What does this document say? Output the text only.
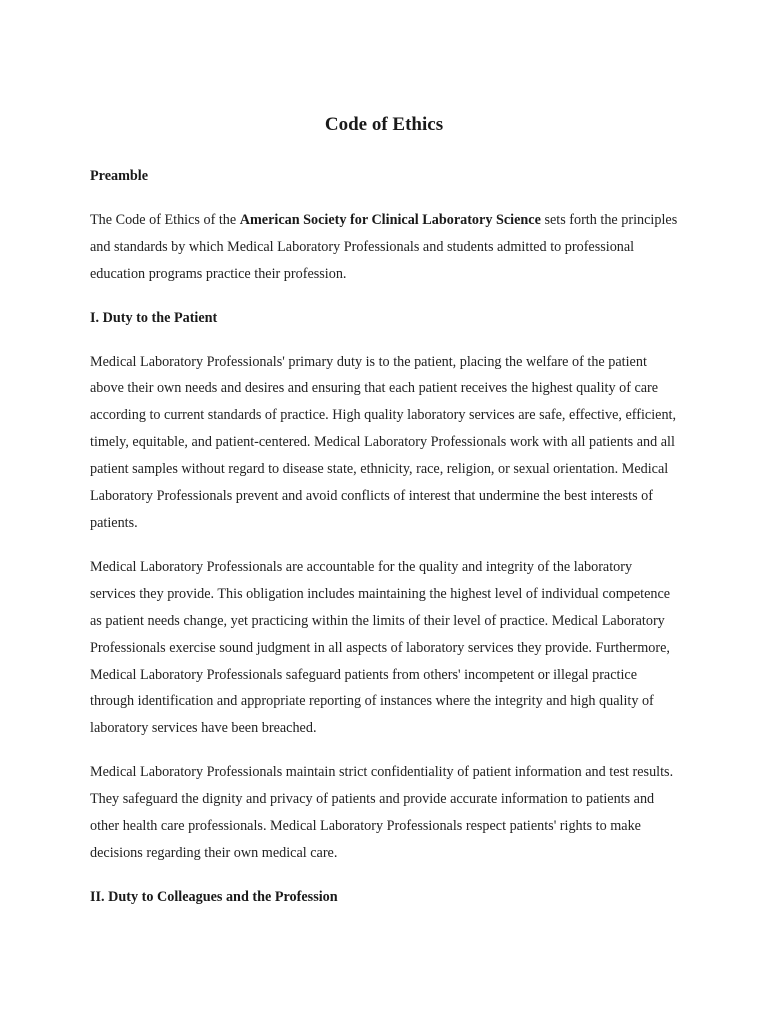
Code of Ethics
Preamble
The Code of Ethics of the American Society for Clinical Laboratory Science sets forth the principles and standards by which Medical Laboratory Professionals and students admitted to professional education programs practice their profession.
I. Duty to the Patient
Medical Laboratory Professionals' primary duty is to the patient, placing the welfare of the patient above their own needs and desires and ensuring that each patient receives the highest quality of care according to current standards of practice. High quality laboratory services are safe, effective, efficient, timely, equitable, and patient-centered. Medical Laboratory Professionals work with all patients and all patient samples without regard to disease state, ethnicity, race, religion, or sexual orientation. Medical Laboratory Professionals prevent and avoid conflicts of interest that undermine the best interests of patients.
Medical Laboratory Professionals are accountable for the quality and integrity of the laboratory services they provide. This obligation includes maintaining the highest level of individual competence as patient needs change, yet practicing within the limits of their level of practice. Medical Laboratory Professionals exercise sound judgment in all aspects of laboratory services they provide. Furthermore, Medical Laboratory Professionals safeguard patients from others' incompetent or illegal practice through identification and appropriate reporting of instances where the integrity and high quality of laboratory services have been breached.
Medical Laboratory Professionals maintain strict confidentiality of patient information and test results. They safeguard the dignity and privacy of patients and provide accurate information to patients and other health care professionals. Medical Laboratory Professionals respect patients' rights to make decisions regarding their own medical care.
II. Duty to Colleagues and the Profession
